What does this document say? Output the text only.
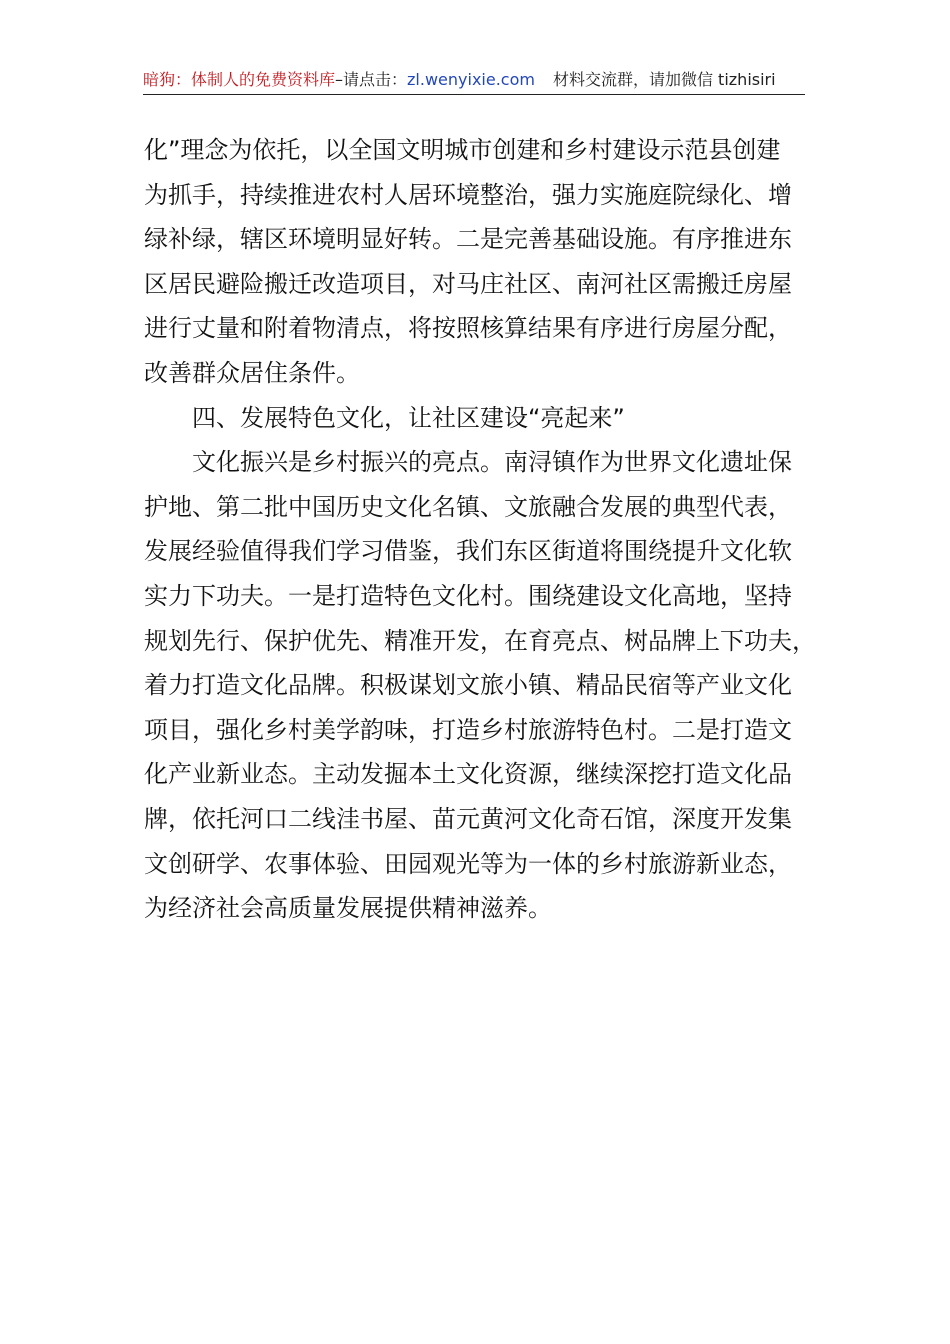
暗狗：体制人的免费资料库–请点击：zl.wenyixie.com 材料交流群，请加微信 tizhisiri

化”理念为依托，以全国文明城市创建和乡村建设示范县创建
为抓手，持续推进农村人居环境整治，强力实施庭院绿化、增
绿补绿，辖区环境明显好转。二是完善基础设施。有序推进东
区居民避险搬迁改造项目，对马庄社区、南河社区需搬迁房屋
进行丈量和附着物清点，将按照核算结果有序进行房屋分配，
改善群众居住条件。

四、发展特色文化，让社区建设“亮起来”

文化振兴是乡村振兴的亮点。南浔镇作为世界文化遗址保
护地、第二批中国历史文化名镇、文旅融合发展的典型代表，
发展经验值得我们学习借鉴，我们东区街道将围绕提升文化软
实力下功夫。一是打造特色文化村。围绕建设文化高地，坚持
规划先行、保护优先、精准开发，在育亮点、树品牌上下功夫，
着力打造文化品牌。积极谋划文旅小镇、精品民宿等产业文化
项目，强化乡村美学韵味，打造乡村旅游特色村。二是打造文
化产业新业态。主动发掘本土文化资源，继续深挖打造文化品
牌，依托河口二线洼书屋、苗元黄河文化奇石馆，深度开发集
文创研学、农事体验、田园观光等为一体的乡村旅游新业态，
为经济社会高质量发展提供精神滋养。
